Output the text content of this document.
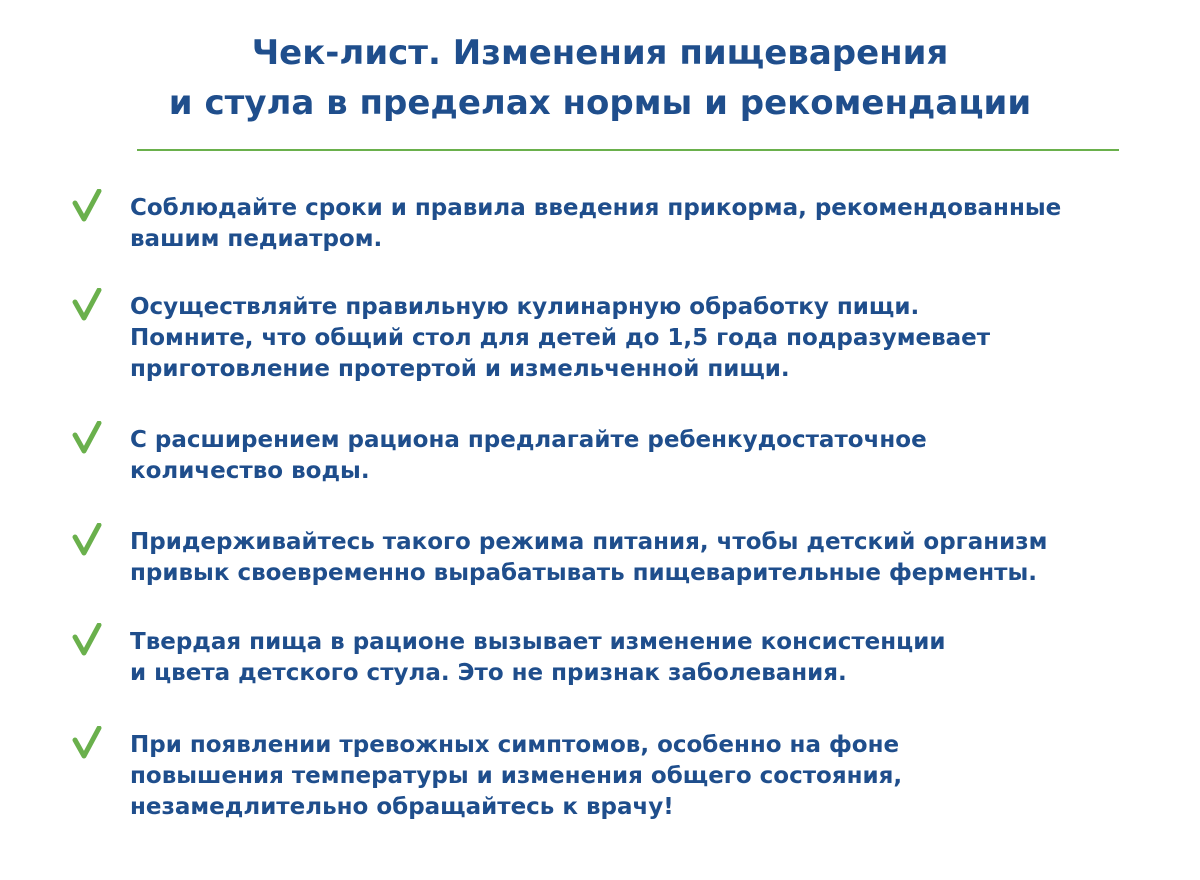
Чек-лист. Изменения пищеварения
и стула в пределах нормы и рекомендации
Соблюдайте сроки и правила введения прикорма, рекомендованные
вашим педиатром.
Осуществляйте правильную кулинарную обработку пищи.
Помните, что общий стол для детей до 1,5 года подразумевает
приготовление протертой и измельченной пищи.
С расширением рациона предлагайте ребенкудостаточное
количество воды.
Придерживайтесь такого режима питания, чтобы детский организм
привык своевременно вырабатывать пищеварительные ферменты.
Твердая пища в рационе вызывает изменение консистенции
и цвета детского стула. Это не признак заболевания.
При появлении тревожных симптомов, особенно на фоне
повышения температуры и изменения общего состояния,
незамедлительно обращайтесь к врачу!
